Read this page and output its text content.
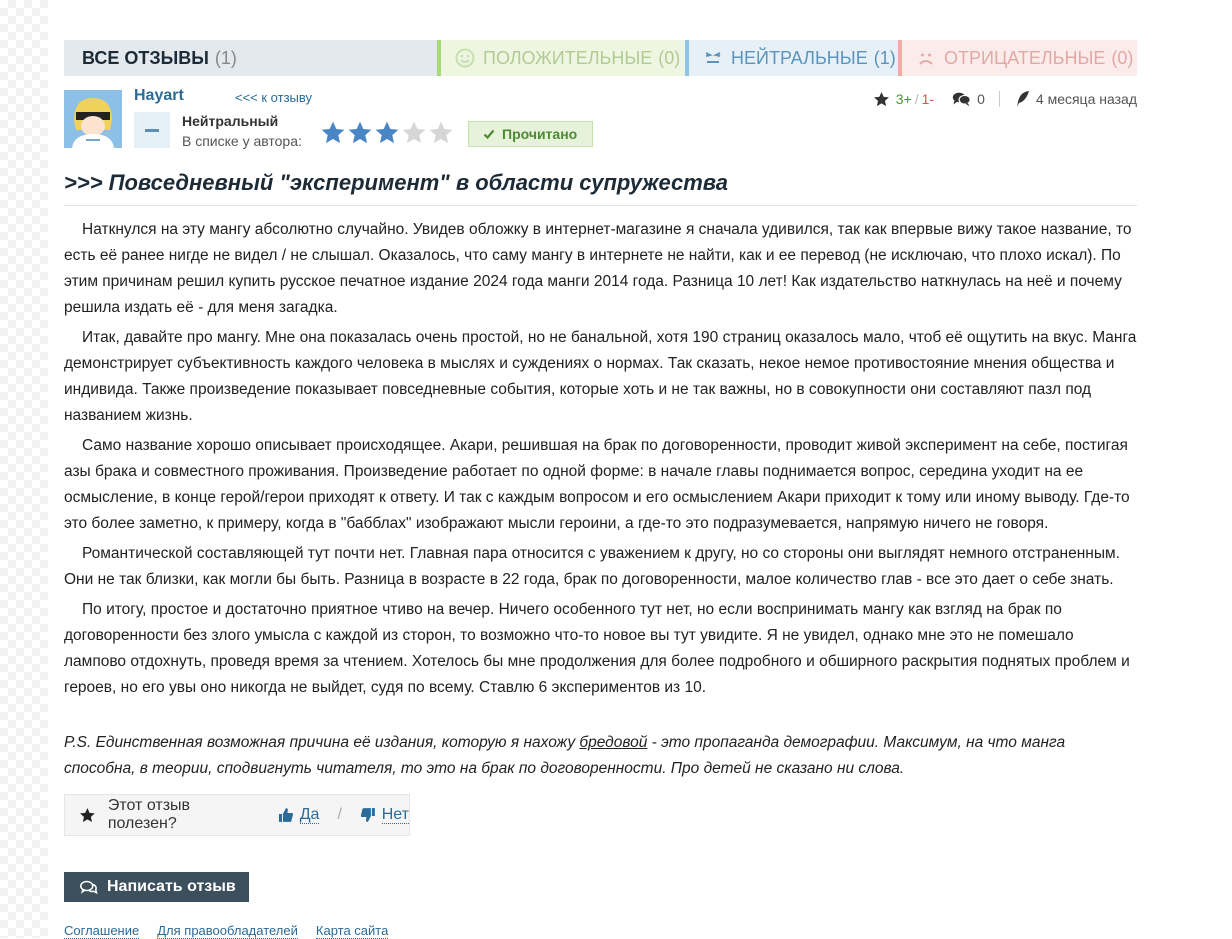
ВСЕ ОТЗЫВЫ (1)	ПОЛОЖИТЕЛЬНЫЕ (0)	НЕЙТРАЛЬНЫЕ (1)	ОТРИЦАТЕЛЬНЫЕ (0)
Hayart	<<< к отзыву
Нейтральный
В списке у автора:	Прочитано
3+ / 1-	0	4 месяца назад
>>> Повседневный "эксперимент" в области супружества

Наткнулся на эту мангу абсолютно случайно. Увидев обложку в интернет-магазине я сначала удивился, так как впервые вижу такое название, то есть её ранее нигде не видел / не слышал. Оказалось, что саму мангу в интернете не найти, как и ее перевод (не исключаю, что плохо искал). По этим причинам решил купить русское печатное издание 2024 года манги 2014 года. Разница 10 лет! Как издательство наткнулась на неё и почему решила издать её - для меня загадка.

Итак, давайте про мангу. Мне она показалась очень простой, но не банальной, хотя 190 страниц оказалось мало, чтоб её ощутить на вкус. Манга демонстрирует субъективность каждого человека в мыслях и суждениях о нормах. Так сказать, некое немое противостояние мнения общества и индивида. Также произведение показывает повседневные события, которые хоть и не так важны, но в совокупности они составляют пазл под названием жизнь.

Само название хорошо описывает происходящее. Акари, решившая на брак по договоренности, проводит живой эксперимент на себе, постигая азы брака и совместного проживания. Произведение работает по одной форме: в начале главы поднимается вопрос, середина уходит на ее осмысление, в конце герой/герои приходят к ответу. И так с каждым вопросом и его осмыслением Акари приходит к тому или иному выводу. Где-то это более заметно, к примеру, когда в "бабблах" изображают мысли героини, а где-то это подразумевается, напрямую ничего не говоря.

Романтической составляющей тут почти нет. Главная пара относится с уважением к другу, но со стороны они выглядят немного отстраненным. Они не так близки, как могли бы быть. Разница в возрасте в 22 года, брак по договоренности, малое количество глав - все это дает о себе знать.

По итогу, простое и достаточно приятное чтиво на вечер. Ничего особенного тут нет, но если воспринимать мангу как взгляд на брак по договоренности без злого умысла с каждой из сторон, то возможно что-то новое вы тут увидите. Я не увидел, однако мне это не помешало лампово отдохнуть, проведя время за чтением. Хотелось бы мне продолжения для более подробного и обширного раскрытия поднятых проблем и героев, но его увы оно никогда не выйдет, судя по всему. Ставлю 6 экспериментов из 10.

P.S. Единственная возможная причина её издания, которую я нахожу бредовой - это пропаганда демографии. Максимум, на что манга способна, в теории, сподвигнуть читателя, то это на брак по договоренности. Про детей не сказано ни слова.
Этот отзыв полезен?
Да / Нет
Написать отзыв
Соглашение Для правообладателей Карта сайта
